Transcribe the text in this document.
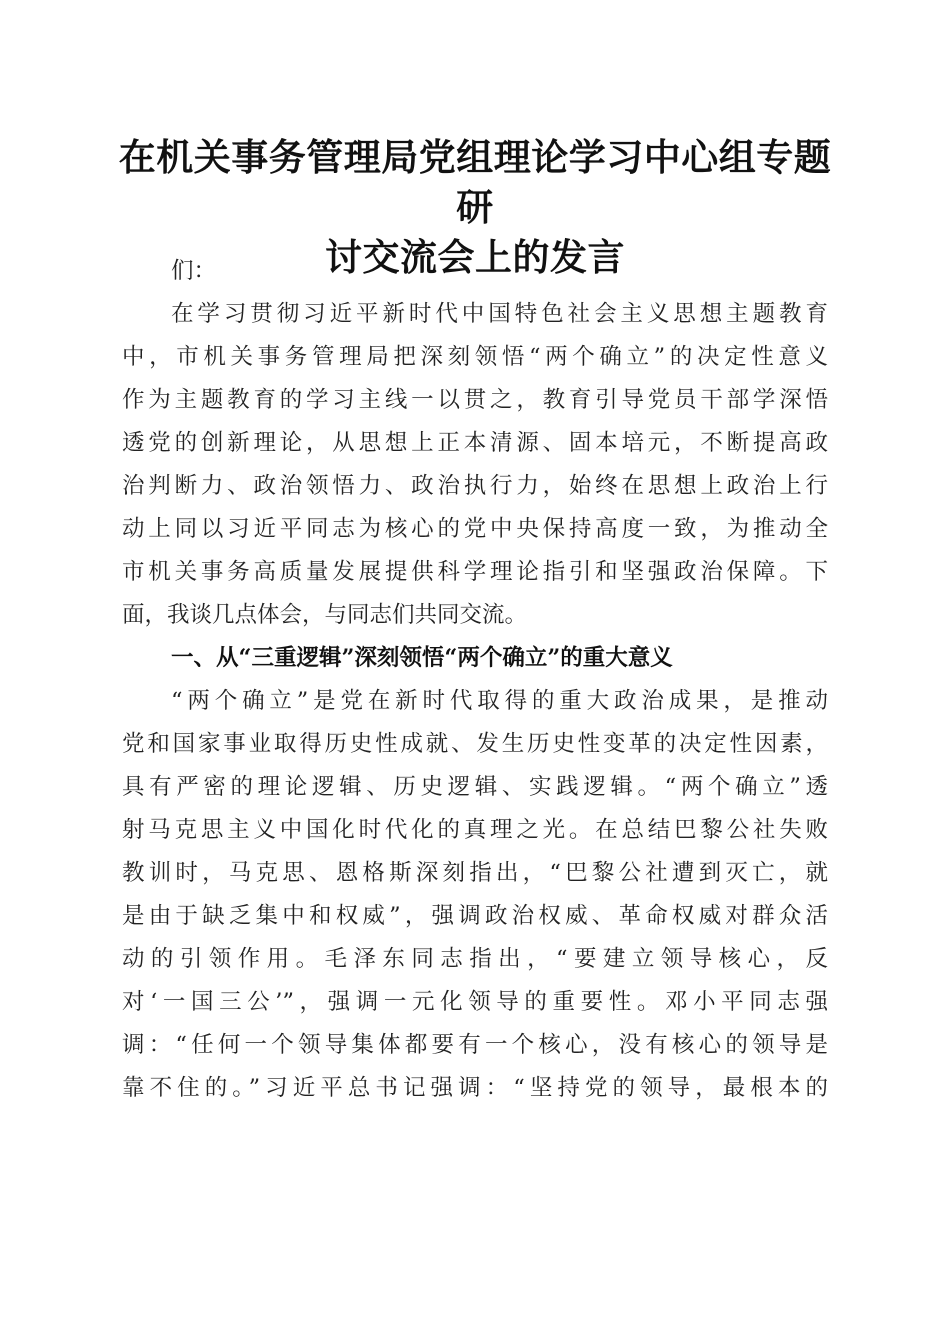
在机关事务管理局党组理论学习中心组专题研
讨交流会上的发言
们：
在学习贯彻习近平新时代中国特色社会主义思想主题教育
中，市机关事务管理局把深刻领悟“两个确立”的决定性意义
作为主题教育的学习主线一以贯之，教育引导党员干部学深悟
透党的创新理论，从思想上正本清源、固本培元，不断提高政
治判断力、政治领悟力、政治执行力，始终在思想上政治上行
动上同以习近平同志为核心的党中央保持高度一致，为推动全
市机关事务高质量发展提供科学理论指引和坚强政治保障。下
面，我谈几点体会，与同志们共同交流。
一、从“三重逻辑”深刻领悟“两个确立”的重大意义
“两个确立”是党在新时代取得的重大政治成果，是推动
党和国家事业取得历史性成就、发生历史性变革的决定性因素，
具有严密的理论逻辑、历史逻辑、实践逻辑。“两个确立”透
射马克思主义中国化时代化的真理之光。在总结巴黎公社失败
教训时，马克思、恩格斯深刻指出，“巴黎公社遭到灭亡，就
是由于缺乏集中和权威”，强调政治权威、革命权威对群众活
动的引领作用。毛泽东同志指出，“要建立领导核心，反
对‘一国三公’”，强调一元化领导的重要性。邓小平同志强
调：“任何一个领导集体都要有一个核心，没有核心的领导是
靠不住的。”习近平总书记强调：“坚持党的领导，最根本的
